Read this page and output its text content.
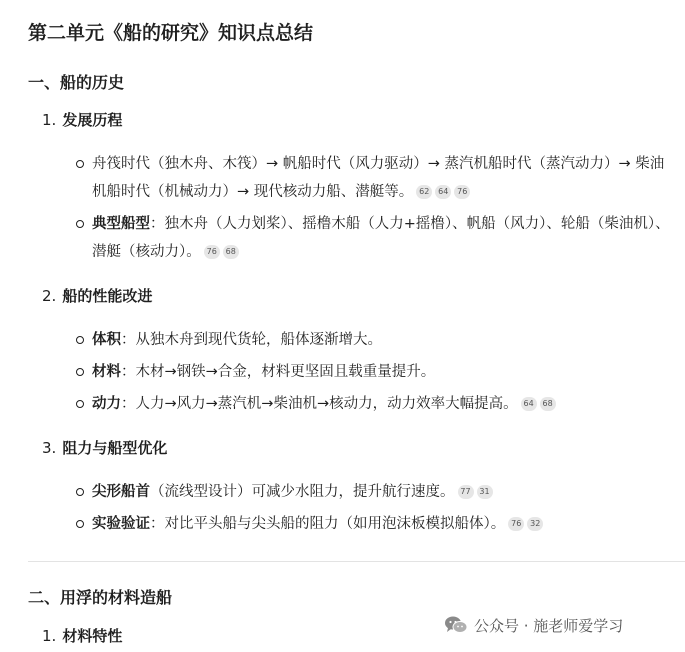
第二单元《船的研究》知识点总结
一、船的历史
1. 发展历程
舟筏时代（独木舟、木筏）→ 帆船时代（风力驱动）→ 蒸汽机船时代（蒸汽动力）→ 柴油机船时代（机械动力）→ 现代核动力船、潜艇等。 62 64 76
典型船型：独木舟（人力划桨）、摇橹木船（人力+摇橹）、帆船（风力）、轮船（柴油机）、潜艇（核动力）。 76 68
2. 船的性能改进
体积：从独木舟到现代货轮，船体逐渐增大。
材料：木材→钢铁→合金，材料更坚固且载重量提升。
动力：人力→风力→蒸汽机→柴油机→核动力，动力效率大幅提高。 64 68
3. 阻力与船型优化
尖形船首（流线型设计）可减少水阻力，提升航行速度。 77 31
实验验证：对比平头船与尖头船的阻力（如用泡沫板模拟船体）。 76 32
二、用浮的材料造船
1. 材料特性
公众号 · 施老师爱学习
